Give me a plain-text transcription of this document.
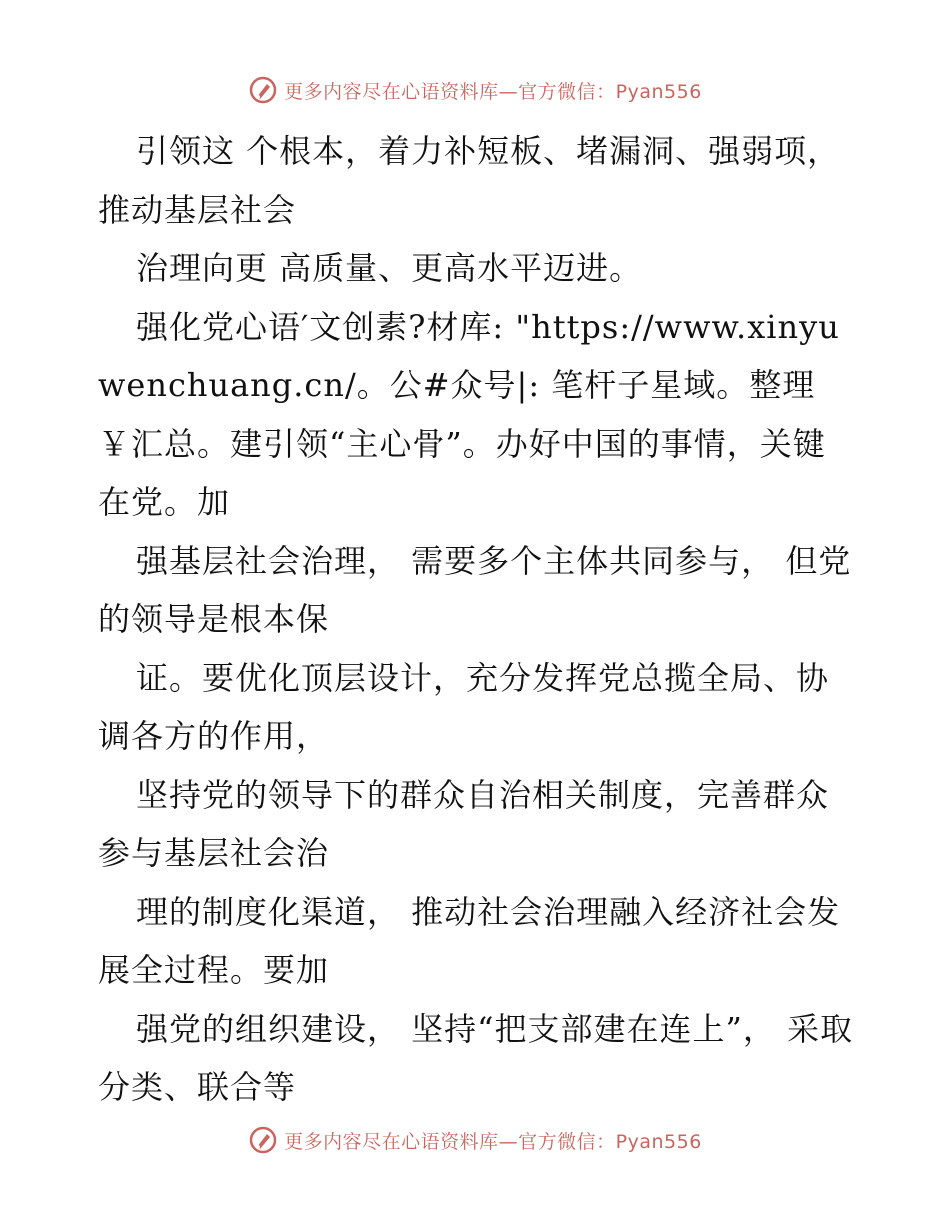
更多内容尽在心语资料库—官方微信：Pyan556

引领这 个根本，着力补短板、堵漏洞、强弱项， 推动基层社会

治理向更 高质量、更高水平迈进。

强化党心语′文创素?材库: "https://www.xinyuwenchuang.cn/。公#众号|: 笔杆子星域。整理￥汇总。建引领“主心骨”。办好中国的事情，关键在党。加

强基层社会治理， 需要多个主体共同参与， 但党的领导是根本保

证。要优化顶层设计，充分发挥党总揽全局、协调各方的作用，

坚持党的领导下的群众自治相关制度，完善群众参与基层社会治

理的制度化渠道， 推动社会治理融入经济社会发展全过程。要加

强党的组织建设， 坚持“把支部建在连上”， 采取分类、联合等

更多内容尽在心语资料库—官方微信：Pyan556
